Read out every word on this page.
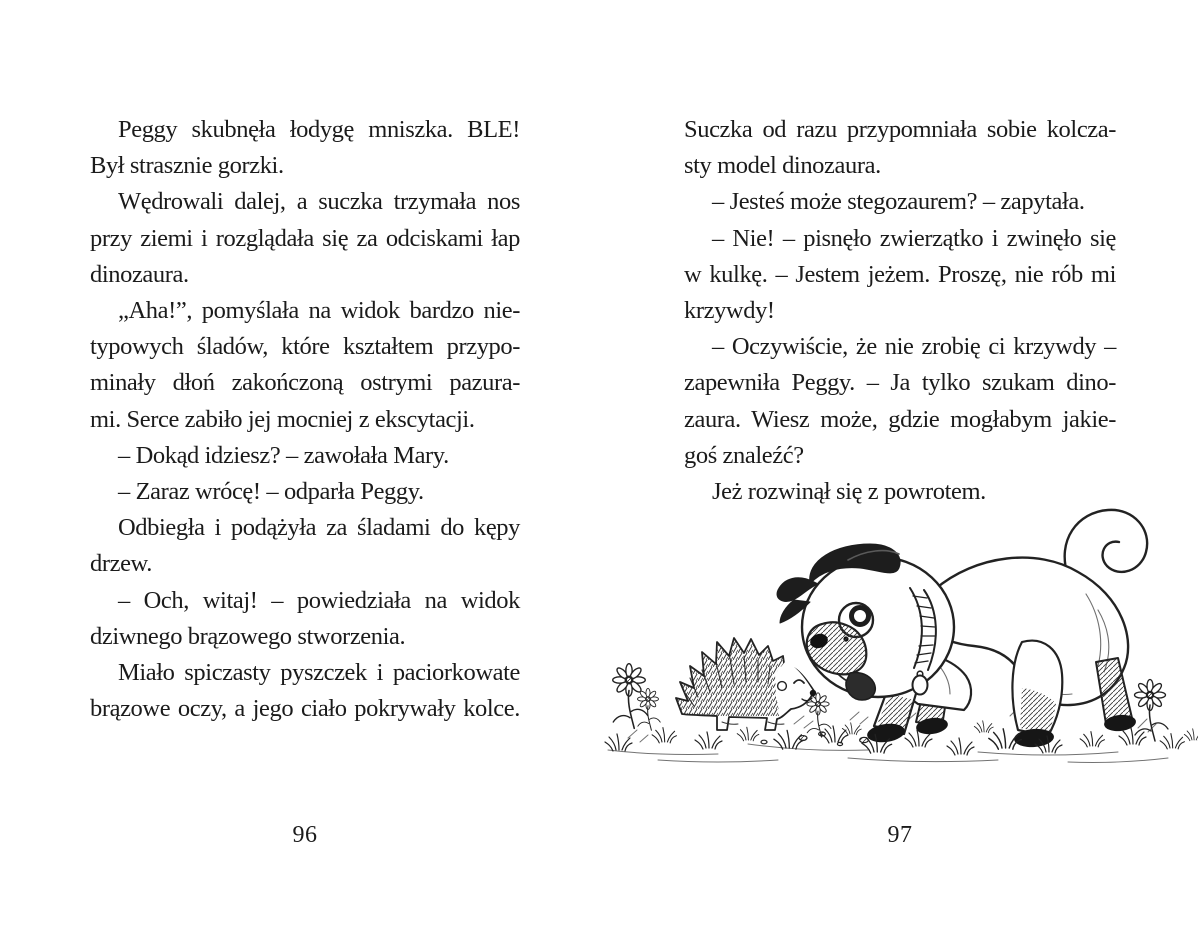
Peggy skubnęła łodygę mniszka. BLE!

Był strasznie gorzki.

Wędrowali dalej, a suczka trzymała nos

przy ziemi i rozglądała się za odciskami łap

dinozaura.

„Aha!”, pomyślała na widok bardzo nie-

typowych śladów, które kształtem przypo-

minały dłoń zakończoną ostrymi pazura-

mi. Serce zabiło jej mocniej z ekscytacji.

– Dokąd idziesz? – zawołała Mary.

– Zaraz wrócę! – odparła Peggy.

Odbiegła i podążyła za śladami do kępy

drzew.

– Och, witaj! – powiedziała na widok

dziwnego brązowego stworzenia.

Miało spiczasty pyszczek i paciorkowate

brązowe oczy, a jego ciało pokrywały kolce.

Suczka od razu przypomniała sobie kolcza-

sty model dinozaura.

– Jesteś może stegozaurem? – zapytała.

– Nie! – pisnęło zwierzątko i zwinęło się

w kulkę. – Jestem jeżem. Proszę, nie rób mi

krzywdy!

– Oczywiście, że nie zrobię ci krzywdy –

zapewniła Peggy. – Ja tylko szukam dino-

zaura. Wiesz może, gdzie mogłabym jakie-

goś znaleźć?

Jeż rozwinął się z powrotem.

96	97
